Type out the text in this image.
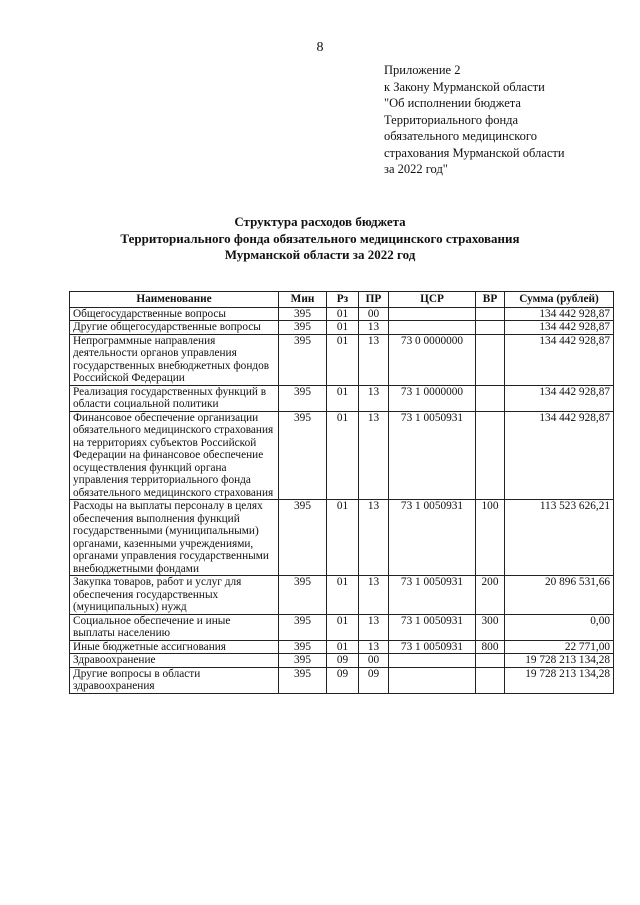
8
Приложение 2
к Закону Мурманской области
"Об исполнении бюджета
Территориального фонда
обязательного медицинского
страхования Мурманской области
за 2022 год"
Структура расходов бюджета
Территориального фонда обязательного медицинского страхования
Мурманской области за 2022 год
Наименование	Мин	Рз	ПР	ЦСР	ВР	Сумма (рублей)
Общегосударственные вопросы	395	01	00			134 442 928,87
Другие общегосударственные вопросы	395	01	13			134 442 928,87
Непрограммные направления деятельности органов управления государственных внебюджетных фондов Российской Федерации	395	01	13	73 0 0000000		134 442 928,87
Реализация государственных функций в области социальной политики	395	01	13	73 1 0000000		134 442 928,87
Финансовое обеспечение организации обязательного медицинского страхования на территориях субъектов Российской Федерации на финансовое обеспечение осуществления функций органа управления территориального фонда обязательного медицинского страхования	395	01	13	73 1 0050931		134 442 928,87
Расходы на выплаты персоналу в целях обеспечения выполнения функций государственными (муниципальными) органами, казенными учреждениями, органами управления государственными внебюджетными фондами	395	01	13	73 1 0050931	100	113 523 626,21
Закупка товаров, работ и услуг для обеспечения государственных (муниципальных) нужд	395	01	13	73 1 0050931	200	20 896 531,66
Социальное обеспечение и иные выплаты населению	395	01	13	73 1 0050931	300	0,00
Иные бюджетные ассигнования	395	01	13	73 1 0050931	800	22 771,00
Здравоохранение	395	09	00			19 728 213 134,28
Другие вопросы в области здравоохранения	395	09	09			19 728 213 134,28
